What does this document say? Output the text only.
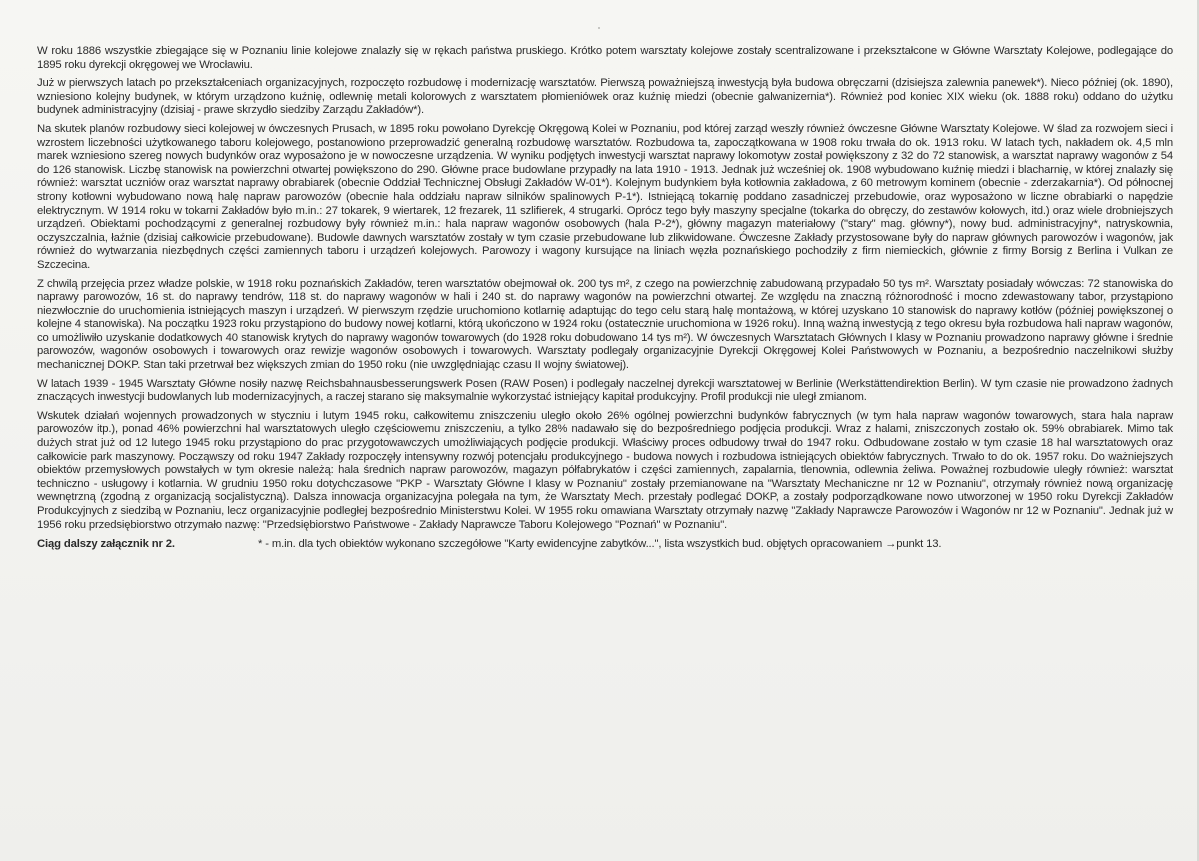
W roku 1886 wszystkie zbiegające się w Poznaniu linie kolejowe znalazły się w rękach państwa pruskiego. Krótko potem warsztaty kolejowe zostały scentralizowane i przekształcone w Główne Warsztaty Kolejowe, podlegające do 1895 roku dyrekcji okręgowej we Wrocławiu.

Już w pierwszych latach po przekształceniach organizacyjnych, rozpoczęto rozbudowę i modernizację warsztatów. Pierwszą poważniejszą inwestycją była budowa obręczarni (dzisiejsza zalewnia panewek*). Nieco później (ok. 1890), wzniesiono kolejny budynek, w którym urządzono kuźnię, odlewnię metali kolorowych z warsztatem płomieniówek oraz kuźnię miedzi (obecnie galwanizernia*). Również pod koniec XIX wieku (ok. 1888 roku) oddano do użytku budynek administracyjny (dzisiaj - prawe skrzydło siedziby Zarządu Zakładów*).

Na skutek planów rozbudowy sieci kolejowej w ówczesnych Prusach, w 1895 roku powołano Dyrekcję Okręgową Kolei w Poznaniu, pod której zarząd weszły również ówczesne Główne Warsztaty Kolejowe. W ślad za rozwojem sieci i wzrostem liczebności użytkowanego taboru kolejowego, postanowiono przeprowadzić generalną rozbudowę warsztatów. Rozbudowa ta, zapoczątkowana w 1908 roku trwała do ok. 1913 roku. W latach tych, nakładem ok. 4,5 mln marek wzniesiono szereg nowych budynków oraz wyposażono je w nowoczesne urządzenia. W wyniku podjętych inwestycji warsztat naprawy lokomotyw został powiększony z 32 do 72 stanowisk, a warsztat naprawy wagonów z 54 do 126 stanowisk. Liczbę stanowisk na powierzchni otwartej powiększono do 290. Główne prace budowlane przypadły na lata 1910 - 1913. Jednak już wcześniej ok. 1908 wybudowano kuźnię miedzi i blacharnię, w której znalazły się również: warsztat uczniów oraz warsztat naprawy obrabiarek (obecnie Oddział Technicznej Obsługi Zakładów W-01*). Kolejnym budynkiem była kotłownia zakładowa, z 60 metrowym kominem (obecnie - zderzakarnia*). Od północnej strony kotłowni wybudowano nową halę napraw parowozów (obecnie hala oddziału napraw silników spalinowych P-1*). Istniejącą tokarnię poddano zasadniczej przebudowie, oraz wyposażono w liczne obrabiarki o napędzie elektrycznym. W 1914 roku w tokarni Zakładów było m.in.: 27 tokarek, 9 wiertarek, 12 frezarek, 11 szlifierek, 4 strugarki. Oprócz tego były maszyny specjalne (tokarka do obręczy, do zestawów kołowych, itd.) oraz wiele drobniejszych urządzeń. Obiektami pochodzącymi z generalnej rozbudowy były również m.in.: hala napraw wagonów osobowych (hala P-2*), główny magazyn materiałowy ("stary" mag. główny*), nowy bud. administracyjny*, natryskownia, oczyszczalnia, łaźnie (dzisiaj całkowicie przebudowane). Budowle dawnych warsztatów zostały w tym czasie przebudowane lub zlikwidowane. Ówczesne Zakłady przystosowane były do napraw głównych parowozów i wagonów, jak również do wytwarzania niezbędnych części zamiennych taboru i urządzeń kolejowych. Parowozy i wagony kursujące na liniach węzła poznańskiego pochodziły z firm niemieckich, głównie z firmy Borsig z Berlina i Vulkan ze Szczecina.

Z chwilą przejęcia przez władze polskie, w 1918 roku poznańskich Zakładów, teren warsztatów obejmował ok. 200 tys m², z czego na powierzchnię zabudowaną przypadało 50 tys m². Warsztaty posiadały wówczas: 72 stanowiska do naprawy parowozów, 16 st. do naprawy tendrów, 118 st. do naprawy wagonów w hali i 240 st. do naprawy wagonów na powierzchni otwartej. Ze względu na znaczną różnorodność i mocno zdewastowany tabor, przystąpiono niezwłocznie do uruchomienia istniejących maszyn i urządzeń. W pierwszym rzędzie uruchomiono kotlarnię adaptując do tego celu starą halę montażową, w której uzyskano 10 stanowisk do naprawy kotłów (później powiększonej o kolejne 4 stanowiska). Na początku 1923 roku przystąpiono do budowy nowej kotlarni, którą ukończono w 1924 roku (ostatecznie uruchomiona w 1926 roku). Inną ważną inwestycją z tego okresu była rozbudowa hali napraw wagonów, co umożliwiło uzyskanie dodatkowych 40 stanowisk krytych do naprawy wagonów towarowych (do 1928 roku dobudowano 14 tys m²). W ówczesnych Warsztatach Głównych I klasy w Poznaniu prowadzono naprawy główne i średnie parowozów, wagonów osobowych i towarowych oraz rewizje wagonów osobowych i towarowych. Warsztaty podlegały organizacyjnie Dyrekcji Okręgowej Kolei Państwowych w Poznaniu, a bezpośrednio naczelnikowi służby mechanicznej DOKP. Stan taki przetrwał bez większych zmian do 1950 roku (nie uwzględniając czasu II wojny światowej).

W latach 1939 - 1945 Warsztaty Główne nosiły nazwę Reichsbahnausbesserungswerk Posen (RAW Posen) i podlegały naczelnej dyrekcji warsztatowej w Berlinie (Werkstättendirektion Berlin). W tym czasie nie prowadzono żadnych znaczących inwestycji budowlanych lub modernizacyjnych, a raczej starano się maksymalnie wykorzystać istniejący kapitał produkcyjny. Profil produkcji nie uległ zmianom.

Wskutek działań wojennych prowadzonych w styczniu i lutym 1945 roku, całkowitemu zniszczeniu uległo około 26% ogólnej powierzchni budynków fabrycznych (w tym hala napraw wagonów towarowych, stara hala napraw parowozów itp.), ponad 46% powierzchni hal warsztatowych uległo częściowemu zniszczeniu, a tylko 28% nadawało się do bezpośredniego podjęcia produkcji. Wraz z halami, zniszczonych zostało ok. 59% obrabiarek. Mimo tak dużych strat już od 12 lutego 1945 roku przystąpiono do prac przygotowawczych umożliwiających podjęcie produkcji. Właściwy proces odbudowy trwał do 1947 roku. Odbudowane zostało w tym czasie 18 hal warsztatowych oraz całkowicie park maszynowy. Począwszy od roku 1947 Zakłady rozpoczęły intensywny rozwój potencjału produkcyjnego - budowa nowych i rozbudowa istniejących obiektów fabrycznych. Trwało to do ok. 1957 roku. Do ważniejszych obiektów przemysłowych powstałych w tym okresie należą: hala średnich napraw parowozów, magazyn półfabrykatów i części zamiennych, zapalarnia, tlenownia, odlewnia żeliwa. Poważnej rozbudowie uległy również: warsztat techniczno - usługowy i kotlarnia. W grudniu 1950 roku dotychczasowe "PKP - Warsztaty Główne I klasy w Poznaniu" zostały przemianowane na "Warsztaty Mechaniczne nr 12 w Poznaniu", otrzymały również nową organizację wewnętrzną (zgodną z organizacją socjalistyczną). Dalsza innowacja organizacyjna polegała na tym, że Warsztaty Mech. przestały podlegać DOKP, a zostały podporządkowane nowo utworzonej w 1950 roku Dyrekcji Zakładów Produkcyjnych z siedzibą w Poznaniu, lecz organizacyjnie podległej bezpośrednio Ministerstwu Kolei. W 1955 roku omawiana Warsztaty otrzymały nazwę "Zakłady Naprawcze Parowozów i Wagonów nr 12 w Poznaniu". Jednak już w 1956 roku przedsiębiorstwo otrzymało nazwę: "Przedsiębiorstwo Państwowe - Zakłady Naprawcze Taboru Kolejowego "Poznań" w Poznaniu".

Ciąg dalszy załącznik nr 2.	* - m.in. dla tych obiektów wykonano szczegółowe "Karty ewidencyjne zabytków...", lista wszystkich bud. objętych opracowaniem →punkt 13.
